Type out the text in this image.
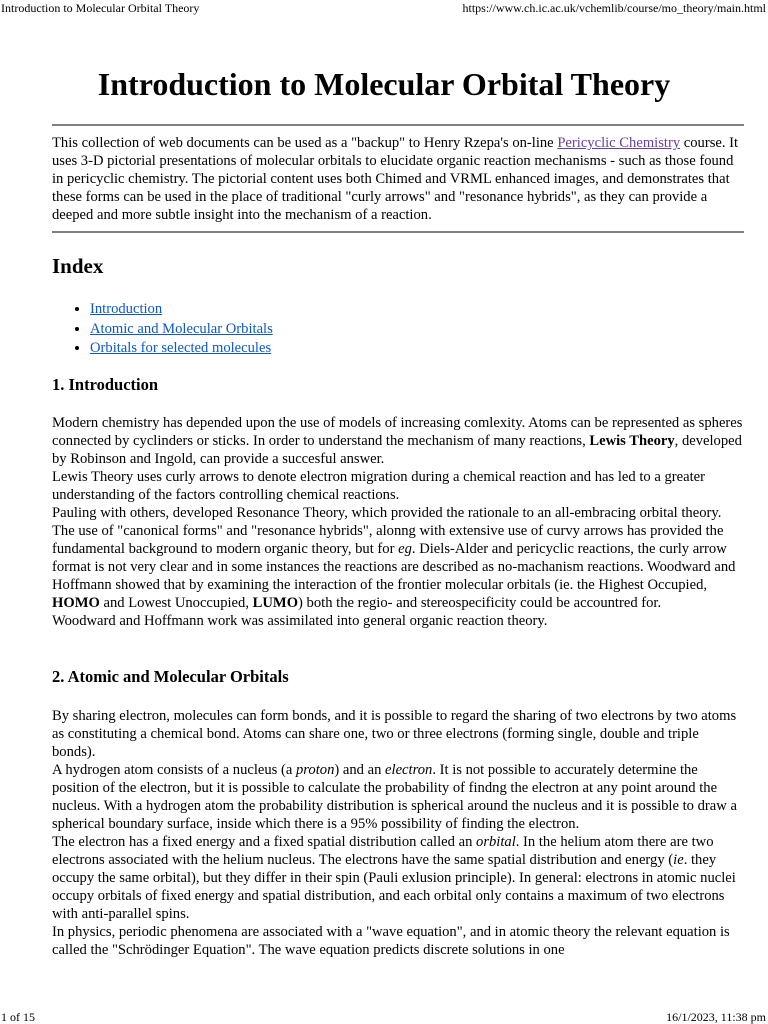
Introduction to Molecular Orbital Theory	https://www.ch.ic.ac.uk/vchemlib/course/mo_theory/main.html
Introduction to Molecular Orbital Theory

This collection of web documents can be used as a "backup" to Henry Rzepa's on-line Pericyclic Chemistry course. It uses 3-D pictorial presentations of molecular orbitals to elucidate organic reaction mechanisms - such as those found in pericyclic chemistry. The pictorial content uses both Chimed and VRML enhanced images, and demonstrates that these forms can be used in the place of traditional "curly arrows" and "resonance hybrids", as they can provide a deeped and more subtle insight into the mechanism of a reaction.

Index
• Introduction
• Atomic and Molecular Orbitals
• Orbitals for selected molecules
1. Introduction
Modern chemistry has depended upon the use of models of increasing comlexity. Atoms can be represented as spheres connected by cyclinders or sticks. In order to understand the mechanism of many reactions, Lewis Theory, developed by Robinson and Ingold, can provide a succesful answer.
Lewis Theory uses curly arrows to denote electron migration during a chemical reaction and has led to a greater understanding of the factors controlling chemical reactions.
Pauling with others, developed Resonance Theory, which provided the rationale to an all-embracing orbital theory. The use of "canonical forms" and "resonance hybrids", alonng with extensive use of curvy arrows has provided the fundamental background to modern organic theory, but for eg. Diels-Alder and pericyclic reactions, the curly arrow format is not very clear and in some instances the reactions are described as no-machanism reactions. Woodward and Hoffmann showed that by examining the interaction of the frontier molecular orbitals (ie. the Highest Occupied, HOMO and Lowest Unoccupied, LUMO) both the regio- and stereospecificity could be accountred for.
Woodward and Hoffmann work was assimilated into general organic reaction theory.
2. Atomic and Molecular Orbitals
By sharing electron, molecules can form bonds, and it is possible to regard the sharing of two electrons by two atoms as constituting a chemical bond. Atoms can share one, two or three electrons (forming single, double and triple bonds).
A hydrogen atom consists of a nucleus (a proton) and an electron. It is not possible to accurately determine the position of the electron, but it is possible to calculate the probability of findng the electron at any point around the nucleus. With a hydrogen atom the probability distribution is spherical around the nucleus and it is possible to draw a spherical boundary surface, inside which there is a 95% possibility of finding the electron.
The electron has a fixed energy and a fixed spatial distribution called an orbital. In the helium atom there are two electrons associated with the helium nucleus. The electrons have the same spatial distribution and energy (ie. they occupy the same orbital), but they differ in their spin (Pauli exlusion principle). In general: electrons in atomic nuclei occupy orbitals of fixed energy and spatial distribution, and each orbital only contains a maximum of two electrons with anti-parallel spins.
In physics, periodic phenomena are associated with a "wave equation", and in atomic theory the relevant equation is called the "Schrödinger Equation". The wave equation predicts discrete solutions in one
1 of 15	16/1/2023, 11:38 pm
